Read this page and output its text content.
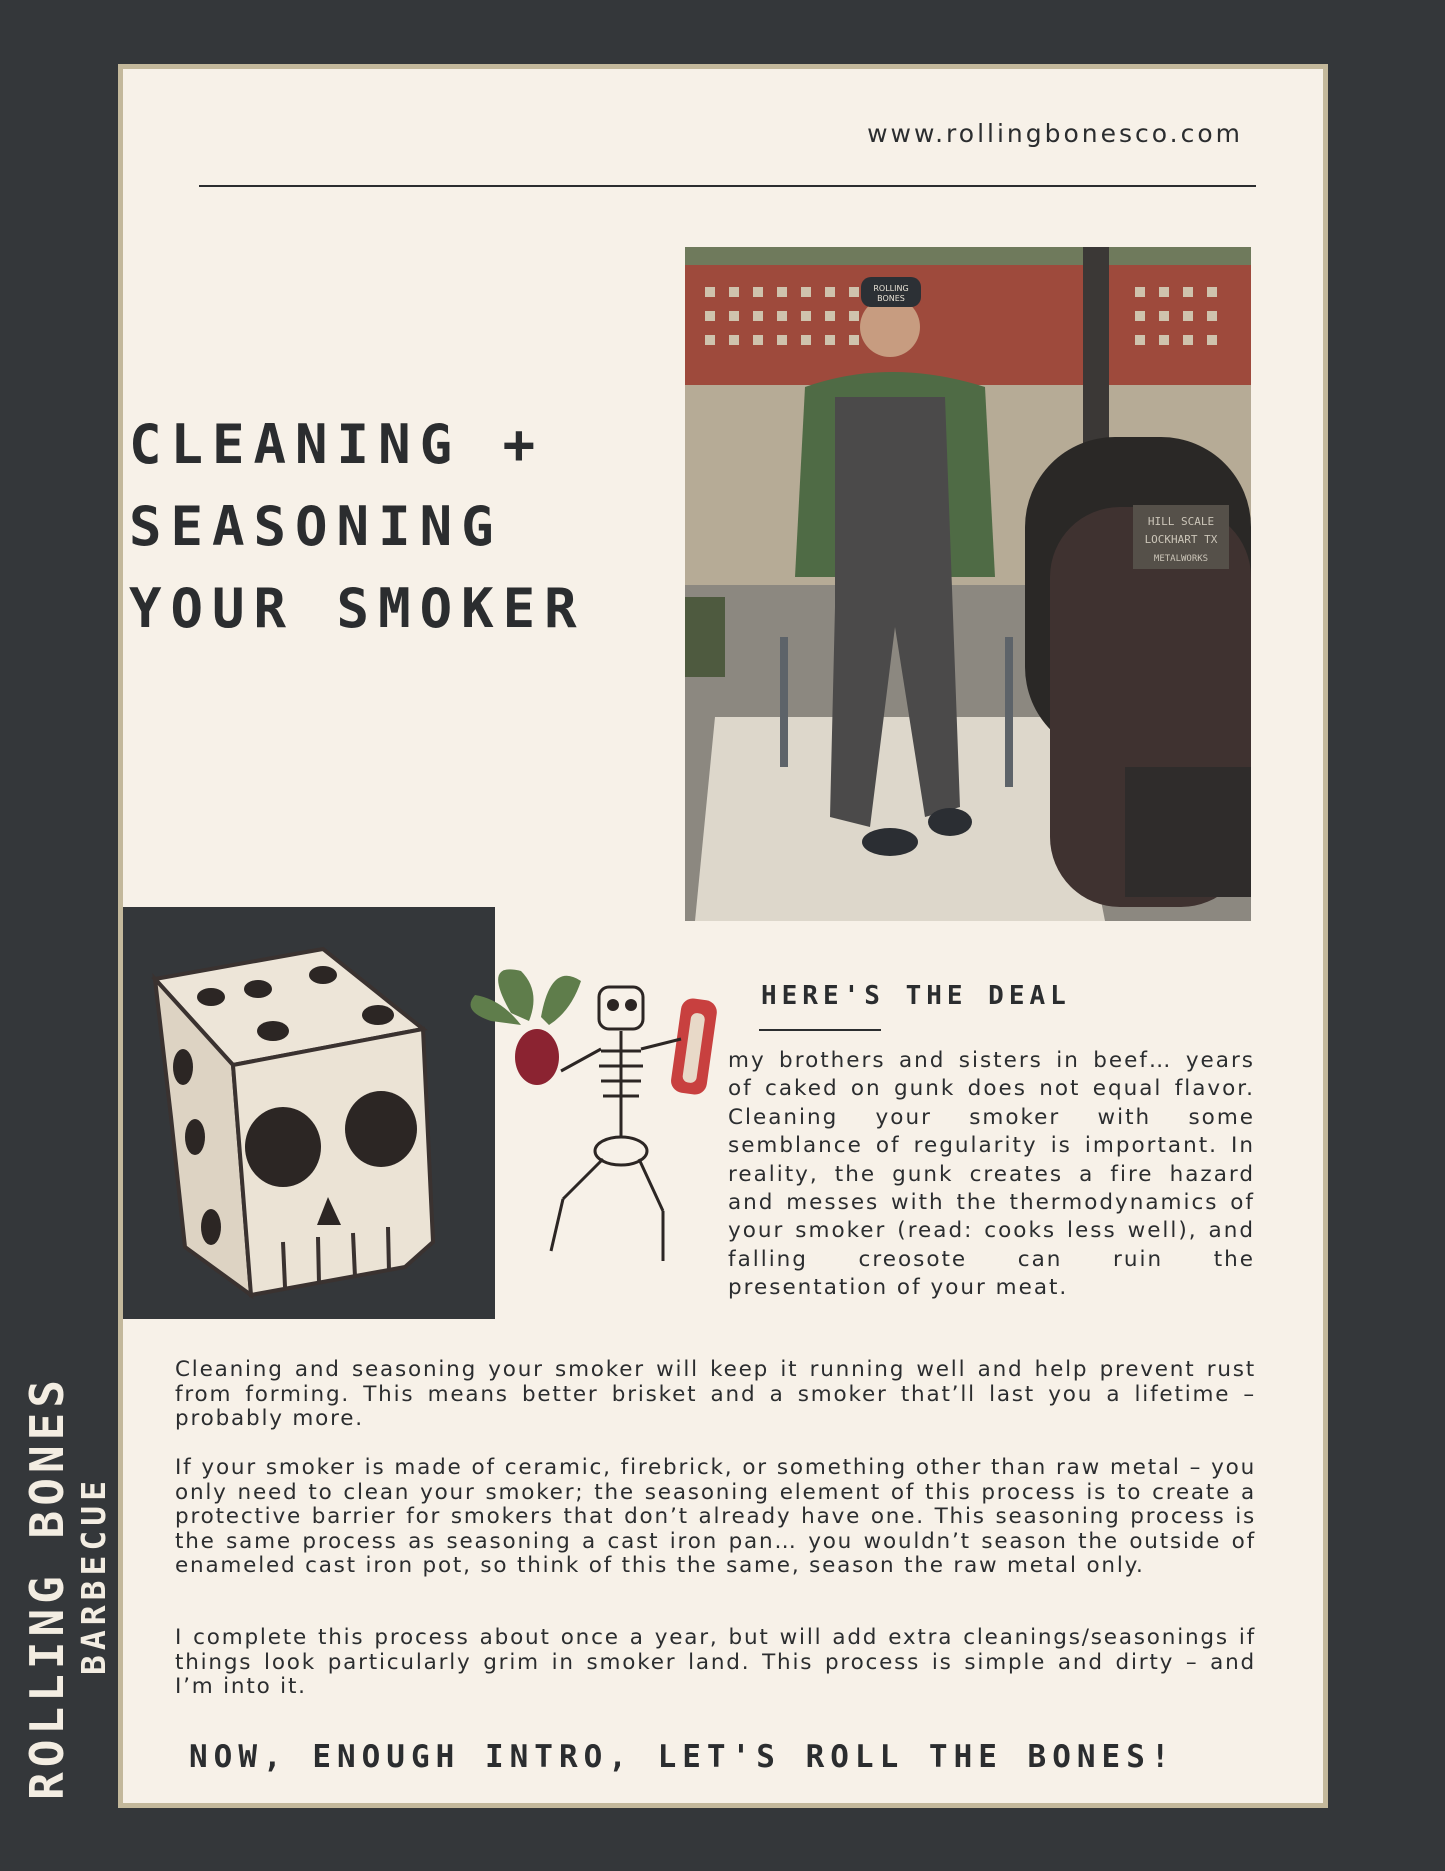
www.rollingbonesco.com
CLEANING +
SEASONING
YOUR SMOKER
HILL SCALE
LOCKHART TX
METALWORKS
ROLLING
BONES
HERE'S THE DEAL
my brothers and sisters in beef… years of caked on gunk does not equal flavor. Cleaning your smoker with some semblance of regularity is important. In reality, the gunk creates a fire hazard and messes with the thermodynamics of your smoker (read: cooks less well), and falling creosote can ruin the
presentation of your meat.
Cleaning and seasoning your smoker will keep it running well and help prevent rust from forming. This means better brisket and a smoker that’ll last you a lifetime – probably more.
If your smoker is made of ceramic, firebrick, or something other than raw metal – you only need to clean your smoker; the seasoning element of this process is to create a protective barrier for smokers that don’t already have one. This seasoning process is the same process as seasoning a cast iron pan… you wouldn’t season the outside of enameled cast iron pot, so think of this the same, season the raw metal only.
I complete this process about once a year, but will add extra cleanings/seasonings if things look particularly grim in smoker land. This process is simple and dirty – and I’m into it.
NOW, ENOUGH INTRO, LET'S ROLL THE BONES!
ROLLING BONES BARBECUE
